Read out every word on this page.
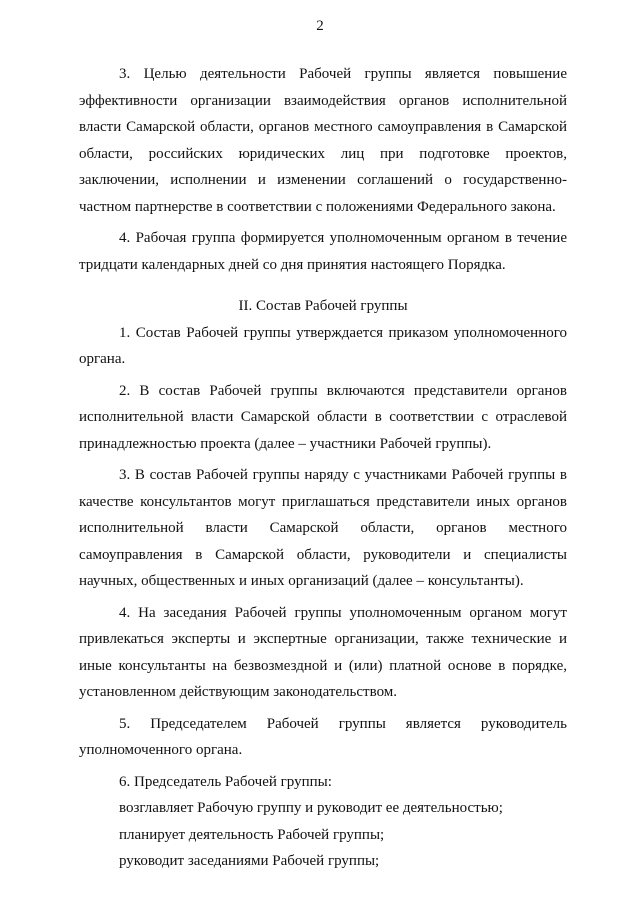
2

3. Целью деятельности Рабочей группы является повышение эффективности организации взаимодействия органов исполнительной власти Самарской области, органов местного самоуправления в Самарской области, российских юридических лиц при подготовке проектов, заключении, исполнении и изменении соглашений о государственно-частном партнерстве в соответствии с положениями Федерального закона.

4. Рабочая группа формируется уполномоченным органом в течение тридцати календарных дней со дня принятия настоящего Порядка.

II. Состав Рабочей группы

1. Состав Рабочей группы утверждается приказом уполномоченного органа.

2. В состав Рабочей группы включаются представители органов исполнительной власти Самарской области в соответствии с отраслевой принадлежностью проекта (далее – участники Рабочей группы).

3. В состав Рабочей группы наряду с участниками Рабочей группы в качестве консультантов могут приглашаться представители иных органов исполнительной власти Самарской области, органов местного самоуправления в Самарской области, руководители и специалисты научных, общественных и иных организаций (далее – консультанты).

4. На заседания Рабочей группы уполномоченным органом могут привлекаться эксперты и экспертные организации, также технические и иные консультанты на безвозмездной и (или) платной основе в порядке, установленном действующим законодательством.

5. Председателем Рабочей группы является руководитель уполномоченного органа.

6. Председатель Рабочей группы:

возглавляет Рабочую группу и руководит ее деятельностью;

планирует деятельность Рабочей группы;

руководит заседаниями Рабочей группы;
